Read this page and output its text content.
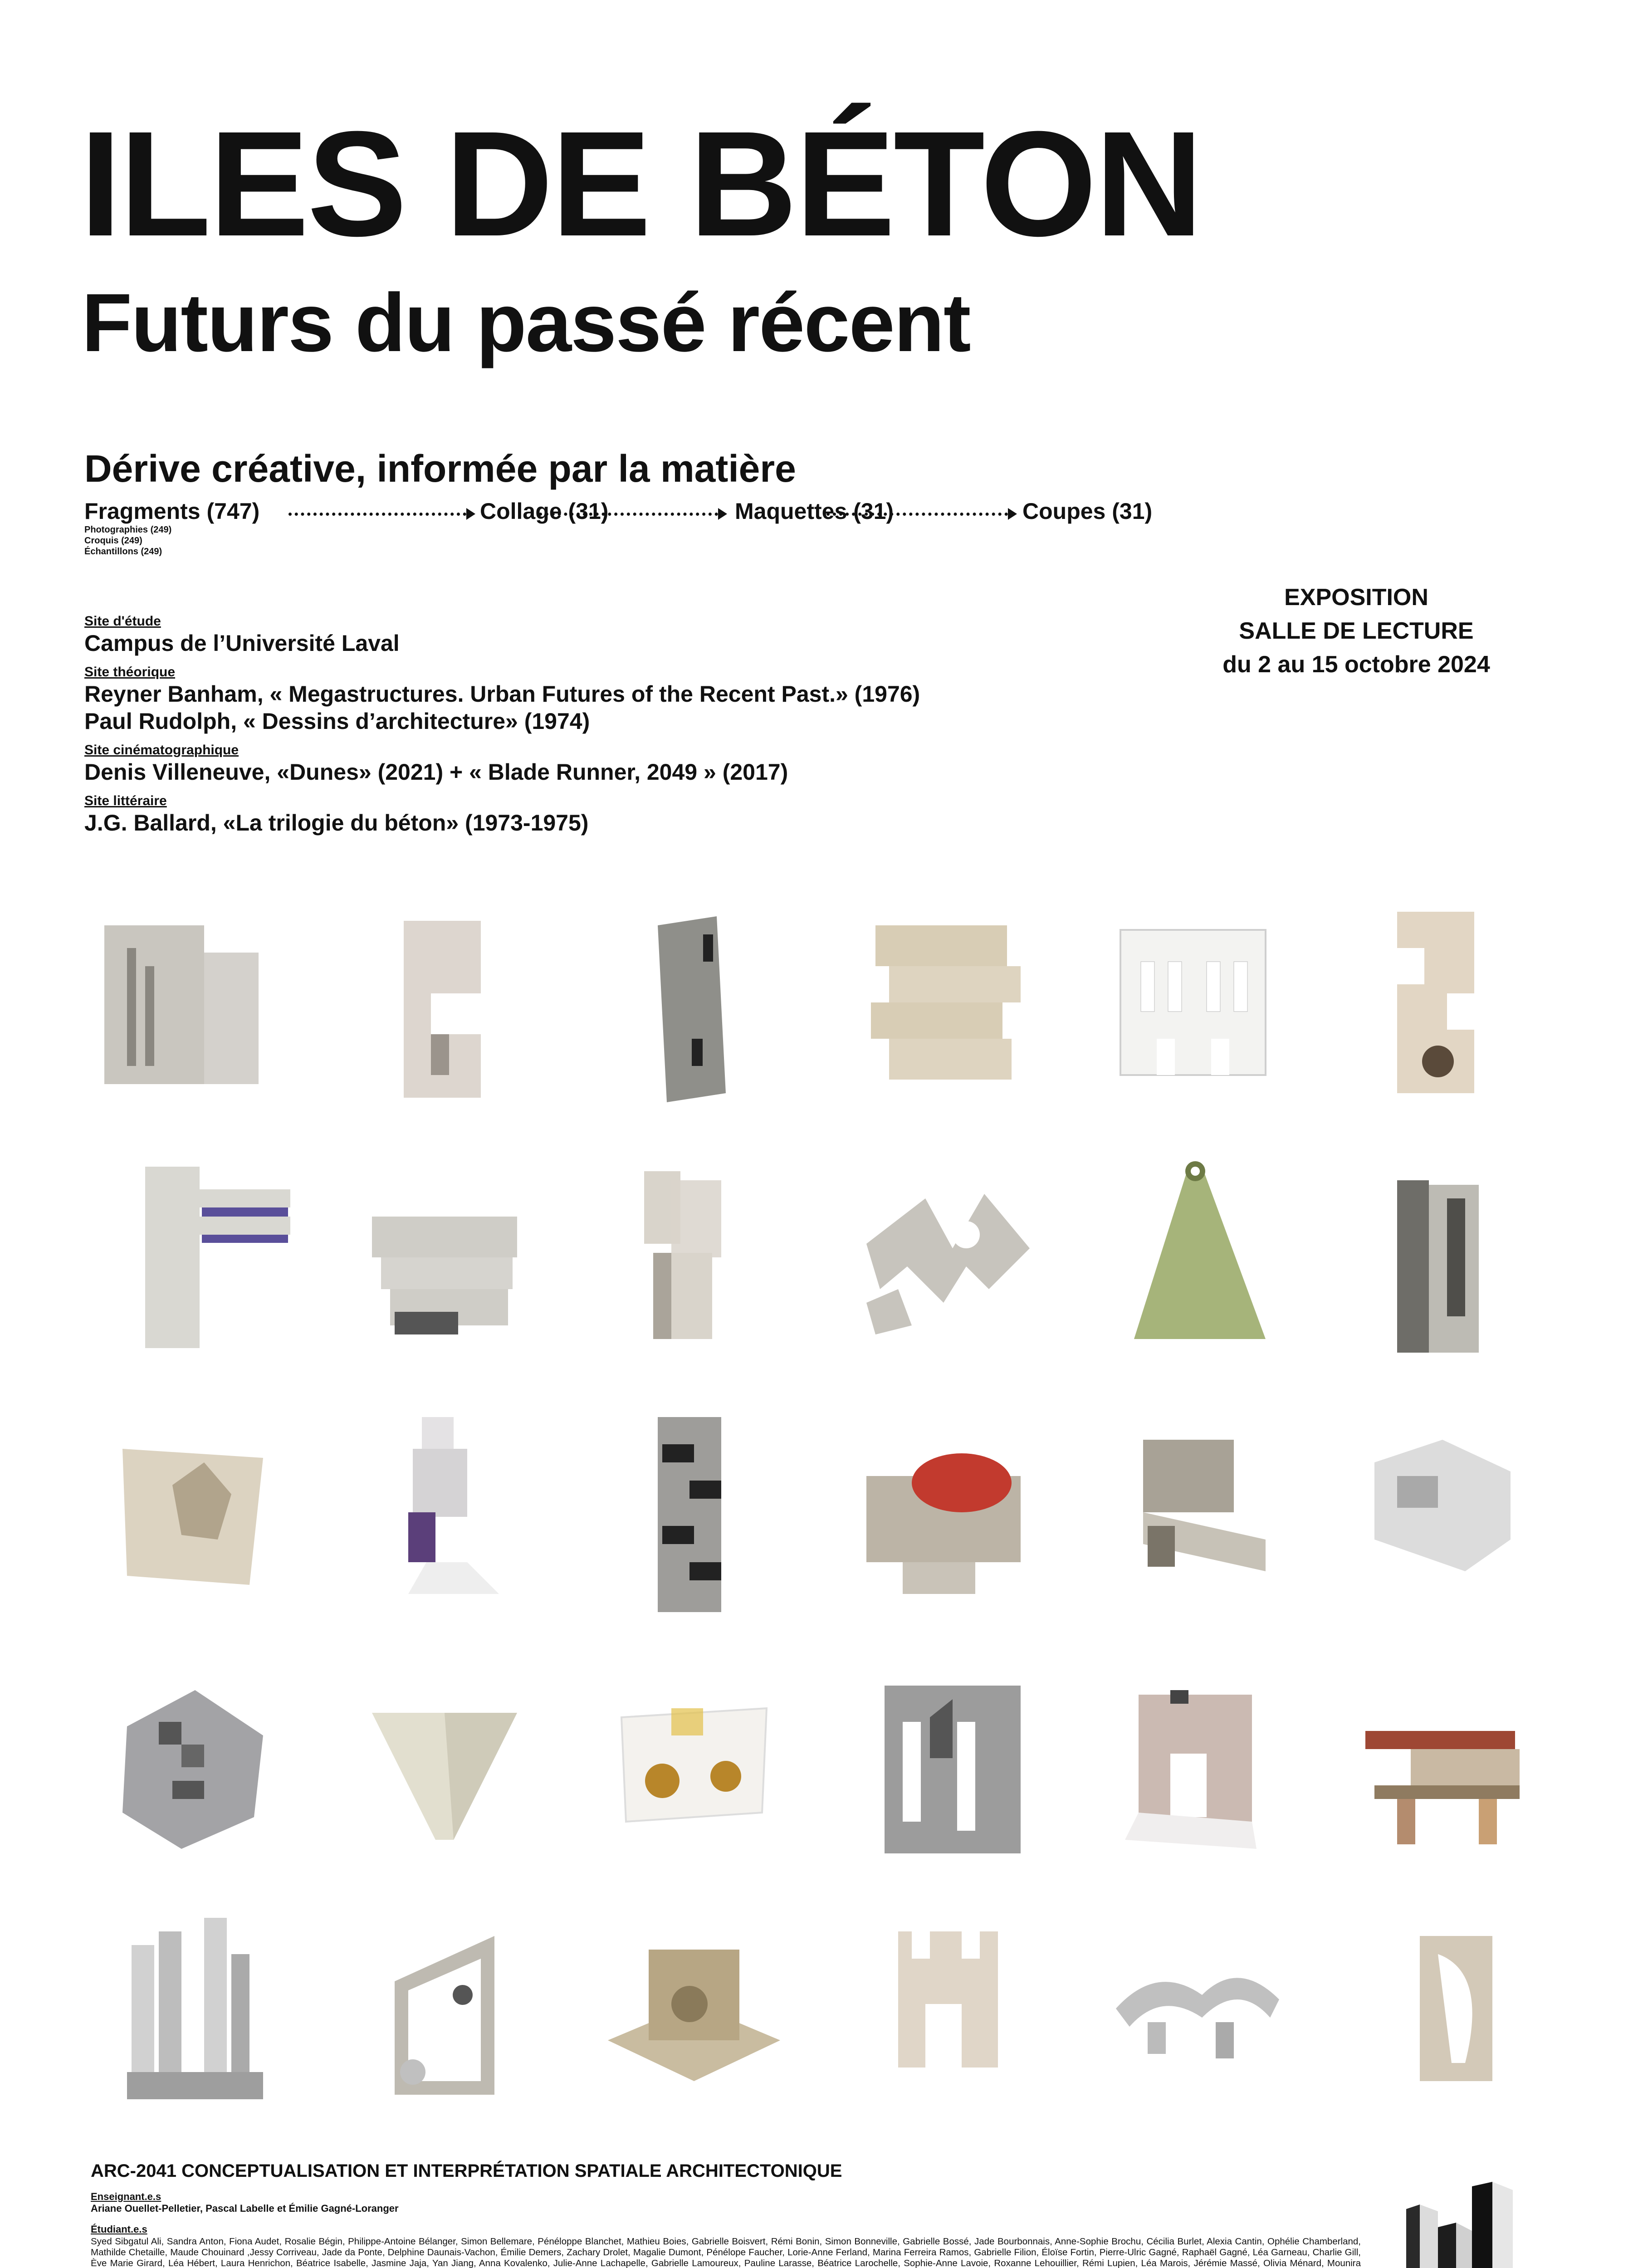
ILES DE BÉTON
Futurs du passé récent
Dérive créative, informée par la matière
Fragments (747)	Collage (31)	Maquettes (31)	Coupes (31)
Photographies (249)
Croquis (249)
Échantillons (249)
Site d'étude
Campus de l’Université Laval
Site théorique
Reyner Banham, « Megastructures. Urban Futures of the Recent Past.» (1976)
Paul Rudolph, « Dessins d’architecture» (1974)
Site cinématographique
Denis Villeneuve, «Dunes» (2021) + « Blade Runner, 2049 » (2017)
Site littéraire
J.G. Ballard, «La trilogie du béton» (1973-1975)
EXPOSITION
SALLE DE LECTURE
du 2 au 15 octobre 2024
ARC-2041 CONCEPTUALISATION ET INTERPRÉTATION SPATIALE ARCHITECTONIQUE
Enseignant.e.s
Ariane Ouellet-Pelletier, Pascal Labelle et Émilie Gagné-Loranger
Étudiant.e.s
Syed Sibgatul Ali, Sandra Anton, Fiona Audet, Rosalie Bégin, Philippe-Antoine Bélanger, Simon Bellemare, Pénéloppe Blanchet, Mathieu Boies, Gabrielle Boisvert, Rémi Bonin, Simon Bonneville, Gabrielle Bossé, Jade Bourbonnais, Anne-Sophie Brochu, Cécilia Burlet, Alexia Cantin, Ophélie Chamberland, Mathilde Chetaille, Maude Chouinard ,Jessy Corriveau, Jade da Ponte, Delphine Daunais-Vachon, Émilie Demers, Zachary Drolet, Magalie Dumont, Pénélope Faucher, Lorie-Anne Ferland, Marina Ferreira Ramos, Gabrielle Filion, Éloïse Fortin, Pierre-Ulric Gagné, Raphaël Gagné, Léa Garneau, Charlie Gill, Ève Marie Girard, Léa Hébert, Laura Henrichon, Béatrice Isabelle, Jasmine Jaja, Yan Jiang, Anna Kovalenko, Julie-Anne Lachapelle, Gabrielle Lamoureux, Pauline Larasse, Béatrice Larochelle, Sophie-Anne Lavoie, Roxanne Lehouillier, Rémi Lupien, Léa Marois, Jérémie Massé, Olivia Ménard, Mounira
